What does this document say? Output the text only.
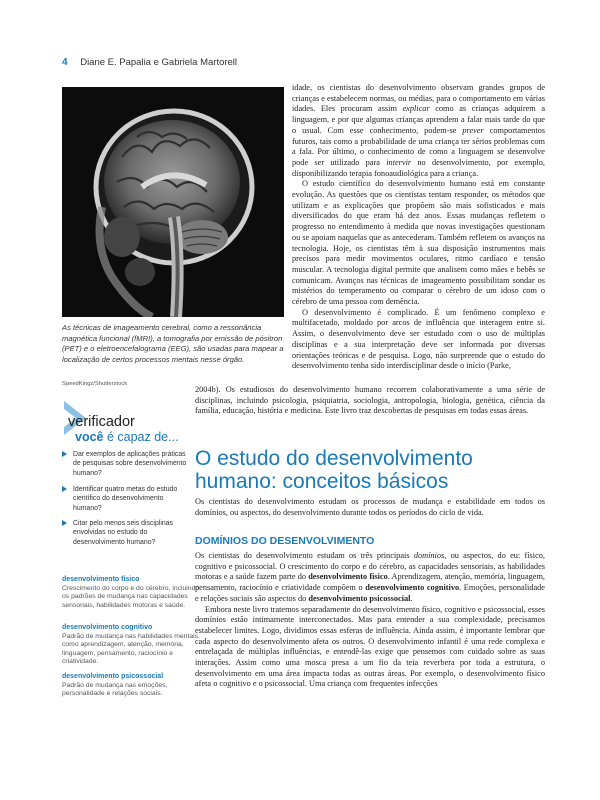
4 Diane E. Papalia e Gabriela Martorell
As técnicas de imageamento cerebral, como a ressonância magnética funcional (fMRI), a tomografia por emissão de pósitron (PET) e o eletroencefalograma (EEG), são usadas para mapear a localização de certos processos mentais nesse órgão.
SpeedKingz/Shutterstock
verificador
você é capaz de...
Dar exemplos de aplicações práticas de pesquisas sobre desenvolvimento humano?
Identificar quatro metas do estudo científico do desenvolvimento humano?
Citar pelo menos seis disciplinas envolvidas no estudo do desenvolvimento humano?
desenvolvimento físico
Crescimento do corpo e do cérebro, incluindo os padrões de mudança nas capacidades sensoriais, habilidades motoras e saúde.
desenvolvimento cognitivo
Padrão de mudança nas habilidades mentais, como aprendizagem, atenção, memória, linguagem, pensamento, raciocínio e criatividade.
desenvolvimento psicossocial
Padrão de mudança nas emoções, personalidade e relações sociais.

idade, os cientistas do desenvolvimento observam grandes grupos de crianças e estabelecem normas, ou médias, para o comportamento em várias idades. Eles procuram assim explicar como as crianças adquirem a linguagem, e por que algumas crianças aprendem a falar mais tarde do que o usual. Com esse conhecimento, podem-se prever comportamentos futuros, tais como a probabilidade de uma criança ter sérios problemas com a fala. Por último, o conhecimento de como a linguagem se desenvolve pode ser utilizado para intervir no desenvolvimento, por exemplo, disponibilizando terapia fonoaudiológica para a criança.

O estudo científico do desenvolvimento humano está em constante evolução. As questões que os cientistas tentam responder, os métodos que utilizam e as explicações que propõem são mais sofisticados e mais diversificados do que eram há dez anos. Essas mudanças refletem o progresso no entendimento à medida que novas investigações questionam ou se apoiam naquelas que as antecederam. Também refletem os avanços na tecnologia. Hoje, os cientistas têm à sua disposição instrumentos mais precisos para medir movimentos oculares, ritmo cardíaco e tensão muscular. A tecnologia digital permite que analisem como mães e bebês se comunicam. Avanços nas técnicas de imageamento possibilitam sondar os mistérios do temperamento ou comparar o cérebro de um idoso com o cérebro de uma pessoa com demência.

O desenvolvimento é complicado. É um fenômeno complexo e multifacetado, moldado por arcos de influência que interagem entre si. Assim, o desenvolvimento deve ser estudado com o uso de múltiplas disciplinas e a sua interpretação deve ser informada por diversas orientações teóricas e de pesquisa. Logo, não surpreende que o estudo do desenvolvimento tenha sido interdisciplinar desde o início (Parke,

2004b). Os estudiosos do desenvolvimento humano recorrem colaborativamente a uma série de disciplinas, incluindo psicologia, psiquiatria, sociologia, antropologia, biologia, genética, ciência da família, educação, história e medicina. Este livro traz descobertas de pesquisas em todas essas áreas.
O estudo do desenvolvimento humano: conceitos básicos
Os cientistas do desenvolvimento estudam os processos de mudança e estabilidade em todos os domínios, ou aspectos, do desenvolvimento durante todos os períodos do ciclo de vida.
DOMÍNIOS DO DESENVOLVIMENTO

Os cientistas do desenvolvimento estudam os três principais domínios, ou aspectos, do eu: físico, cognitivo e psicossocial. O crescimento do corpo e do cérebro, as capacidades sensoriais, as habilidades motoras e a saúde fazem parte do desenvolvimento físico. Aprendizagem, atenção, memória, linguagem, pensamento, raciocínio e criatividade compõem o desenvolvimento cognitivo. Emoções, personalidade e relações sociais são aspectos do desenvolvimento psicossocial.

Embora neste livro tratemos separadamente do desenvolvimento físico, cognitivo e psicossocial, esses domínios estão intimamente interconectados. Mas para entender a sua complexidade, precisamos estabelecer limites. Logo, dividimos essas esferas de influência. Ainda assim, é importante lembrar que cada aspecto do desenvolvimento afeta os outros. O desenvolvimento infantil é uma rede complexa e entrelaçada de múltiplas influências, e entendê-las exige que pensemos com cuidado sobre as suas interações. Assim como uma mosca presa a um fio da teia reverbera por toda a estrutura, o desenvolvimento em uma área impacta todas as outras áreas. Por exemplo, o desenvolvimento físico afeta o cognitivo e o psicossocial. Uma criança com frequentes infecções
